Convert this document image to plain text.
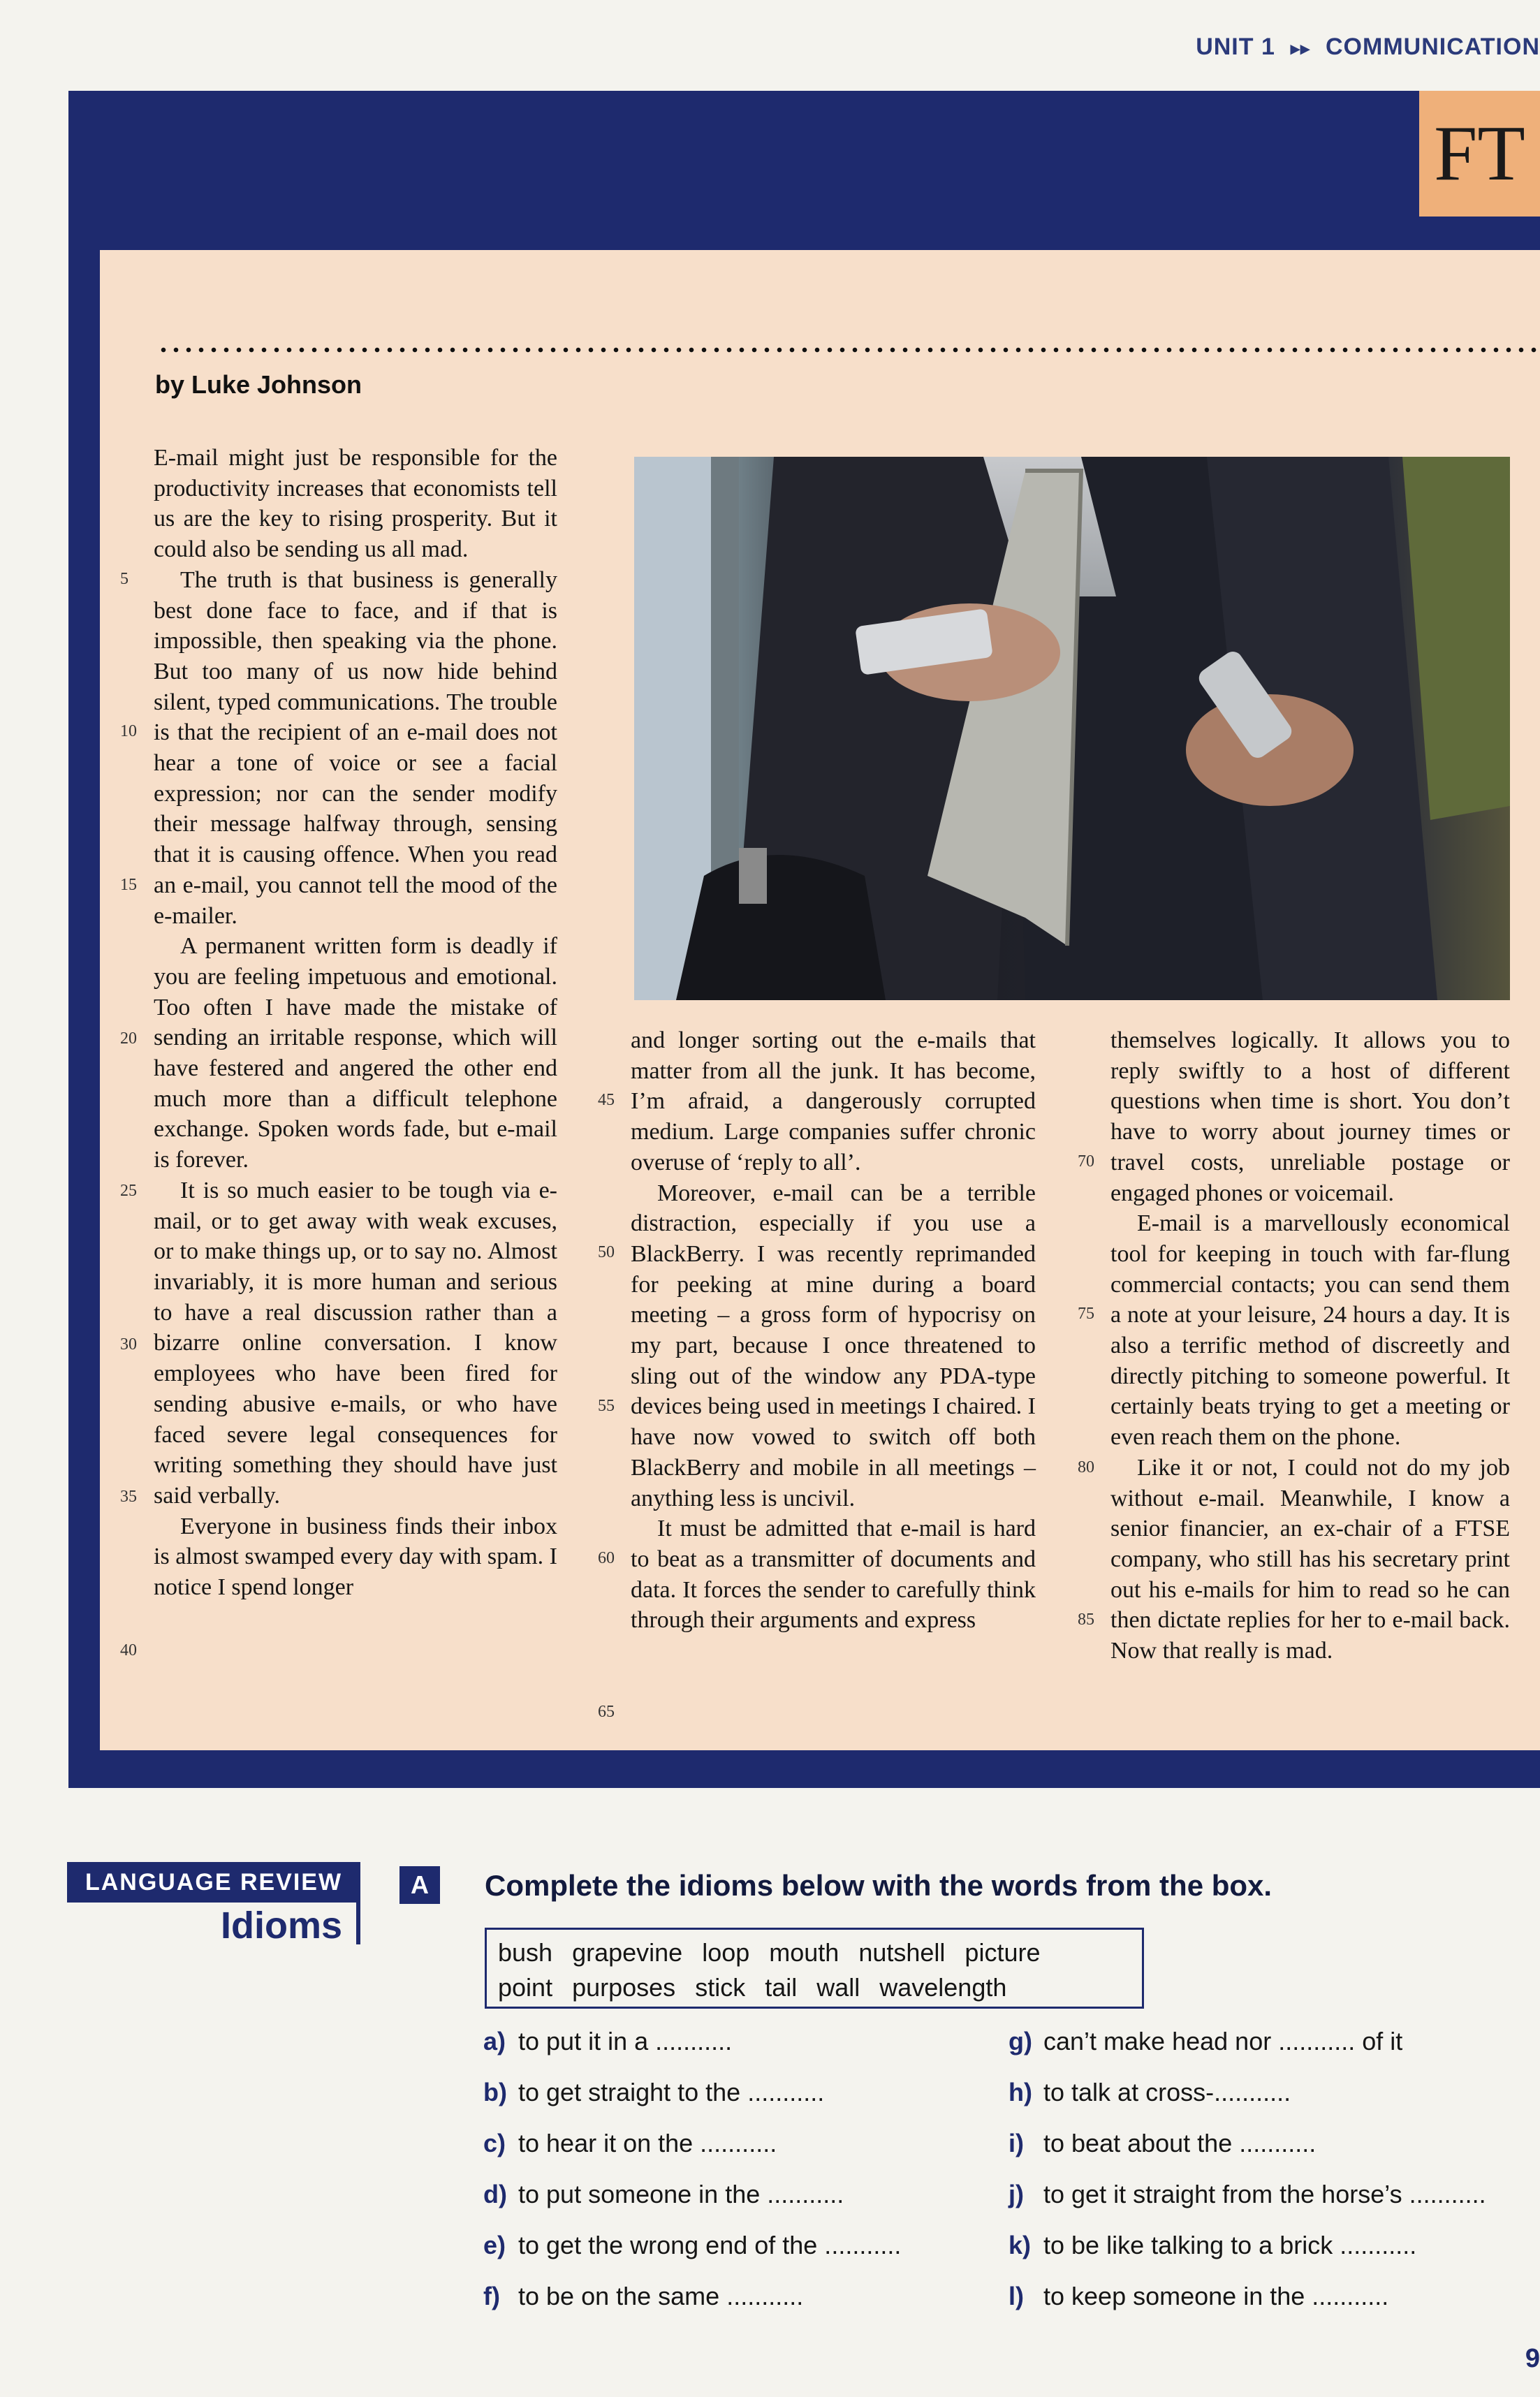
UNIT 1 ▸▸ COMMUNICATION
FT
by Luke Johnson

E-mail might just be responsible for the productivity increases that economists tell us are the key to rising prosperity. But it could also be sending us all mad.

The truth is that business is generally best done face to face, and if that is impossible, then speaking via the phone. But too many of us now hide behind silent, typed communications. The trouble is that the recipient of an e-mail does not hear a tone of voice or see a facial expression; nor can the sender modify their message halfway through, sensing that it is causing offence. When you read an e-mail, you cannot tell the mood of the e-mailer.

A permanent written form is deadly if you are feeling impetuous and emotional. Too often I have made the mistake of sending an irritable response, which will have festered and angered the other end much more than a difficult telephone exchange. Spoken words fade, but e-mail is forever.

It is so much easier to be tough via e-mail, or to get away with weak excuses, or to make things up, or to say no. Almost invariably, it is more human and serious to have a real discussion rather than a bizarre online conversation. I know employees who have been fired for sending abusive e-mails, or who have faced severe legal consequences for writing something they should have just said verbally.

Everyone in business finds their inbox is almost swamped every day with spam. I notice I spend longer

and longer sorting out the e-mails that matter from all the junk. It has become, I’m afraid, a dangerously corrupted medium. Large companies suffer chronic overuse of ‘reply to all’.

Moreover, e-mail can be a terrible distraction, especially if you use a BlackBerry. I was recently reprimanded for peeking at mine during a board meeting – a gross form of hypocrisy on my part, because I once threatened to sling out of the window any PDA-type devices being used in meetings I chaired. I have now vowed to switch off both BlackBerry and mobile in all meetings – anything less is uncivil.

It must be admitted that e-mail is hard to beat as a transmitter of documents and data. It forces the sender to carefully think through their arguments and express

themselves logically. It allows you to reply swiftly to a host of different questions when time is short. You don’t have to worry about journey times or travel costs, unreliable postage or engaged phones or voicemail.

E-mail is a marvellously economical tool for keeping in touch with far-flung commercial contacts; you can send them a note at your leisure, 24 hours a day. It is also a terrific method of discreetly and directly pitching to someone powerful. It certainly beats trying to get a meeting or even reach them on the phone.

Like it or not, I could not do my job without e-mail. Meanwhile, I know a senior financier, an ex-chair of a FTSE company, who still has his secretary print out his e-mails for him to read so he can then dictate replies for her to e-mail back. Now that really is mad.

5
10
15
20
25
30
35
40
45
50
55
60
65
70
75
80
85
LANGUAGE REVIEW
Idioms
A	Complete the idioms below with the words from the box.
bush grapevine loop mouth nutshell picture
point purposes stick tail wall wavelength
a) to put it in a ...........
b) to get straight to the ...........
c) to hear it on the ...........
d) to put someone in the ...........
e) to get the wrong end of the ...........
f) to be on the same ...........
g) can’t make head nor ........... of it
h) to talk at cross-...........
i) to beat about the ...........
j) to get it straight from the horse’s ...........
k) to be like talking to a brick ...........
l) to keep someone in the ...........
9
